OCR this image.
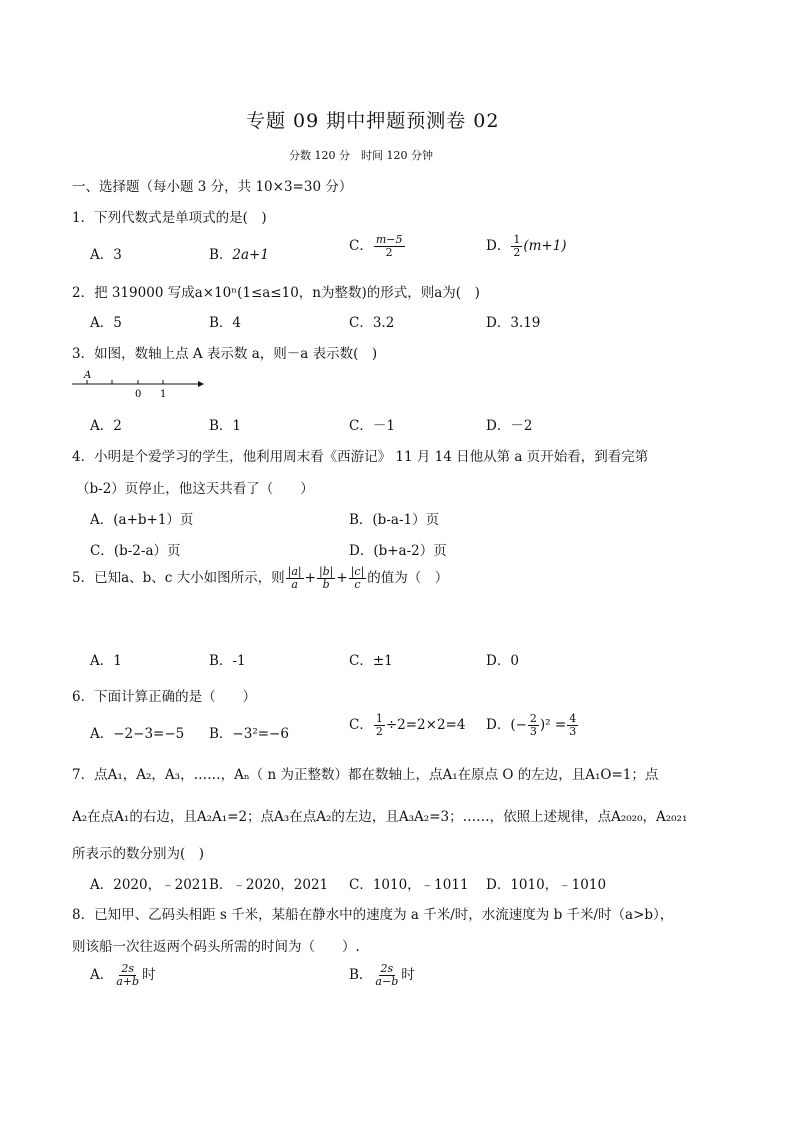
专题 09 期中押题预测卷 02
分数 120 分　时间 120 分钟
一、选择题（每小题 3 分，共 10×3=30 分）
1．下列代数式是单项式的是(　)
A．3	B．2a+1
C． $\frac{m-5}{2}$	D． $\frac{1}{2} (m+1)$
2．把 319000 写成a×10ⁿ(1≤a≤10，n为整数)的形式，则a为(　)
A．5	B．4	C．3.2	D．3.19
3．如图，数轴上点 A 表示数 a，则－a 表示数(　)
A
0 1
A．2	B．1	C．－1	D．－2
4．小明是个爱学习的学生，他利用周末看《西游记》 11 月 14 日他从第 a 页开始看，到看完第
（b-2）页停止，他这天共看了（　　）
A．(a+b+1）页	B．(b-a-1）页
C．(b-2-a）页	D．(b+a-2）页
5．已知a、b、c 大小如图所示，则 $\frac{|a|}{a} + \frac{|b|}{b} + \frac{|c|}{c}$ 的值为（　）
A．1	B．-1	C．±1	D．0
6．下面计算正确的是（　　）
A．−2−3=−5 B．−3²=−6
C． $\frac{1}{2} \div 2=2\times 2=4$ D．(− $\frac{2}{3} )^2 = \frac{4}{3}$
7．点A₁，A₂，A₃，……，Aₙ（ n 为正整数）都在数轴上，点A₁在原点 O 的左边，且A₁O=1；点
A₂在点A₁的右边，且A₂A₁=2；点A₃在点A₂的左边，且A₃A₂=3；……，依照上述规律，点A₂₀₂₀，A₂₀₂₁
所表示的数分别为(　)
A．2020，﹣2021 B．﹣2020，2021 C．1010，﹣1011 D．1010，﹣1010
8．已知甲、乙码头相距 s 千米，某船在静水中的速度为 a 千米/时，水流速度为 b 千米/时（a>b），
则该船一次往返两个码头所需的时间为（　　）.
A． $\frac{2s}{a+b}$ 时	B． $\frac{2s}{a-b}$ 时
